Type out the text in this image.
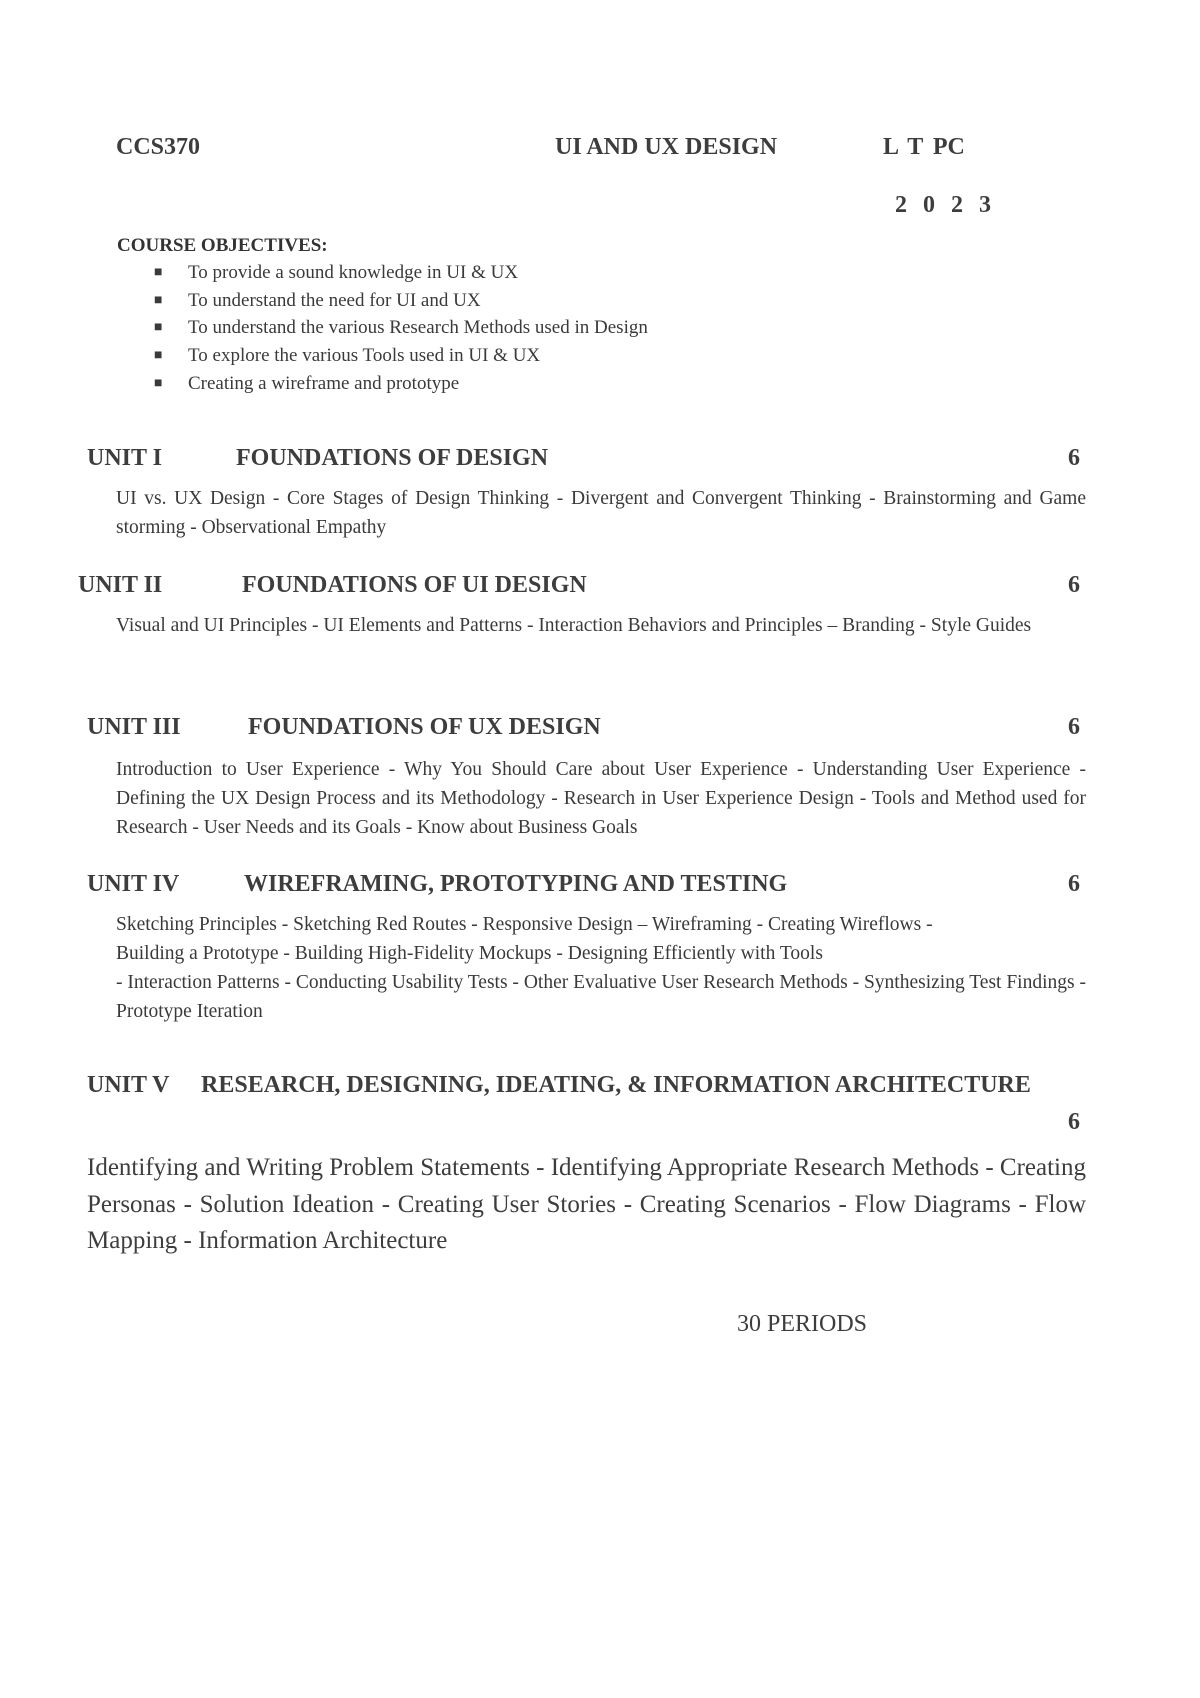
CCS370	UI AND UX DESIGN	L T PC
2 0 2 3
COURSE OBJECTIVES:
■ To provide a sound knowledge in UI & UX
■ To understand the need for UI and UX
■ To understand the various Research Methods used in Design
■ To explore the various Tools used in UI & UX
■ Creating a wireframe and prototype
UNIT I	FOUNDATIONS OF DESIGN	6
UI vs. UX Design - Core Stages of Design Thinking - Divergent and Convergent Thinking - Brainstorming and Game storming - Observational Empathy
UNIT II	FOUNDATIONS OF UI DESIGN	6
Visual and UI Principles - UI Elements and Patterns - Interaction Behaviors and Principles – Branding - Style Guides
UNIT III	FOUNDATIONS OF UX DESIGN	6
Introduction to User Experience - Why You Should Care about User Experience - Understanding User Experience - Defining the UX Design Process and its Methodology - Research in User Experience Design - Tools and Method used for Research - User Needs and its Goals - Know about Business Goals
UNIT IV	WIREFRAMING, PROTOTYPING AND TESTING	6
Sketching Principles - Sketching Red Routes - Responsive Design – Wireframing - Creating Wireflows -
Building a Prototype - Building High-Fidelity Mockups - Designing Efficiently with Tools
- Interaction Patterns - Conducting Usability Tests - Other Evaluative User Research Methods - Synthesizing Test Findings - Prototype Iteration
UNIT V RESEARCH, DESIGNING, IDEATING, & INFORMATION ARCHITECTURE
6
Identifying and Writing Problem Statements - Identifying Appropriate Research Methods - Creating Personas - Solution Ideation - Creating User Stories - Creating Scenarios - Flow Diagrams - Flow Mapping - Information Architecture
30 PERIODS
